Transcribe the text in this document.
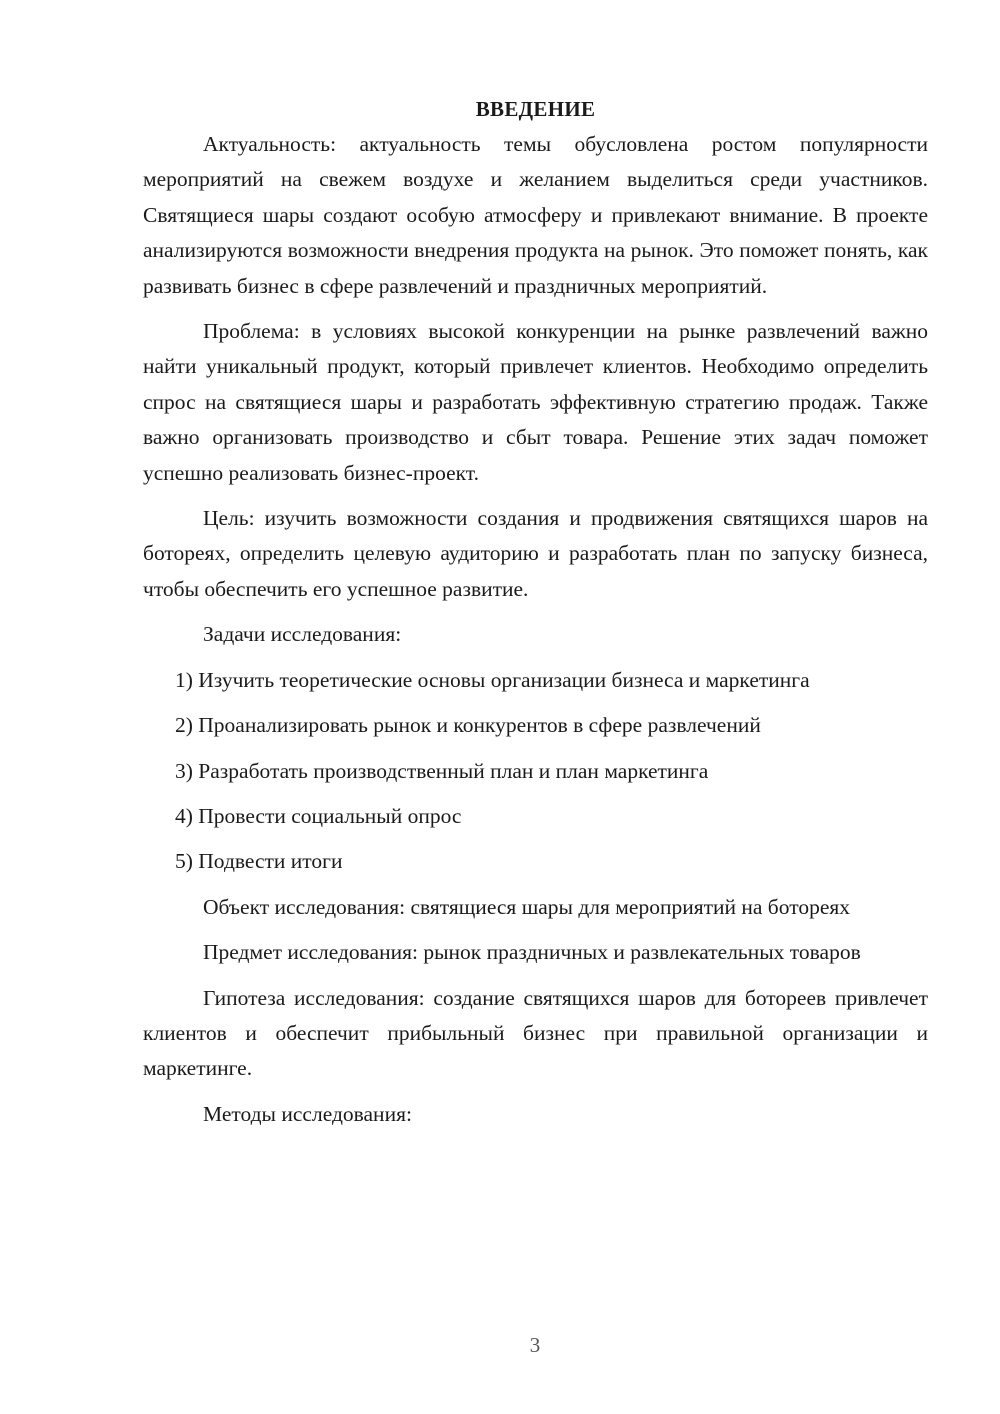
ВВЕДЕНИЕ

Актуальность: актуальность темы обусловлена ростом популярности мероприятий на свежем воздухе и желанием выделиться среди участников. Святящиеся шары создают особую атмосферу и привлекают внимание. В проекте анализируются возможности внедрения продукта на рынок. Это поможет понять, как развивать бизнес в сфере развлечений и праздничных мероприятий.

Проблема: в условиях высокой конкуренции на рынке развлечений важно найти уникальный продукт, который привлечет клиентов. Необходимо определить спрос на святящиеся шары и разработать эффективную стратегию продаж. Также важно организовать производство и сбыт товара. Решение этих задач поможет успешно реализовать бизнес-проект.

Цель: изучить возможности создания и продвижения святящихся шаров на ботореях, определить целевую аудиторию и разработать план по запуску бизнеса, чтобы обеспечить его успешное развитие.

Задачи исследования:

1) Изучить теоретические основы организации бизнеса и маркетинга
2) Проанализировать рынок и конкурентов в сфере развлечений
3) Разработать производственный план и план маркетинга
4) Провести социальный опрос
5) Подвести итоги

Объект исследования: святящиеся шары для мероприятий на ботореях

Предмет исследования: рынок праздничных и развлекательных товаров

Гипотеза исследования: создание святящихся шаров для ботореев привлечет клиентов и обеспечит прибыльный бизнес при правильной организации и маркетинге.

Методы исследования:

3
